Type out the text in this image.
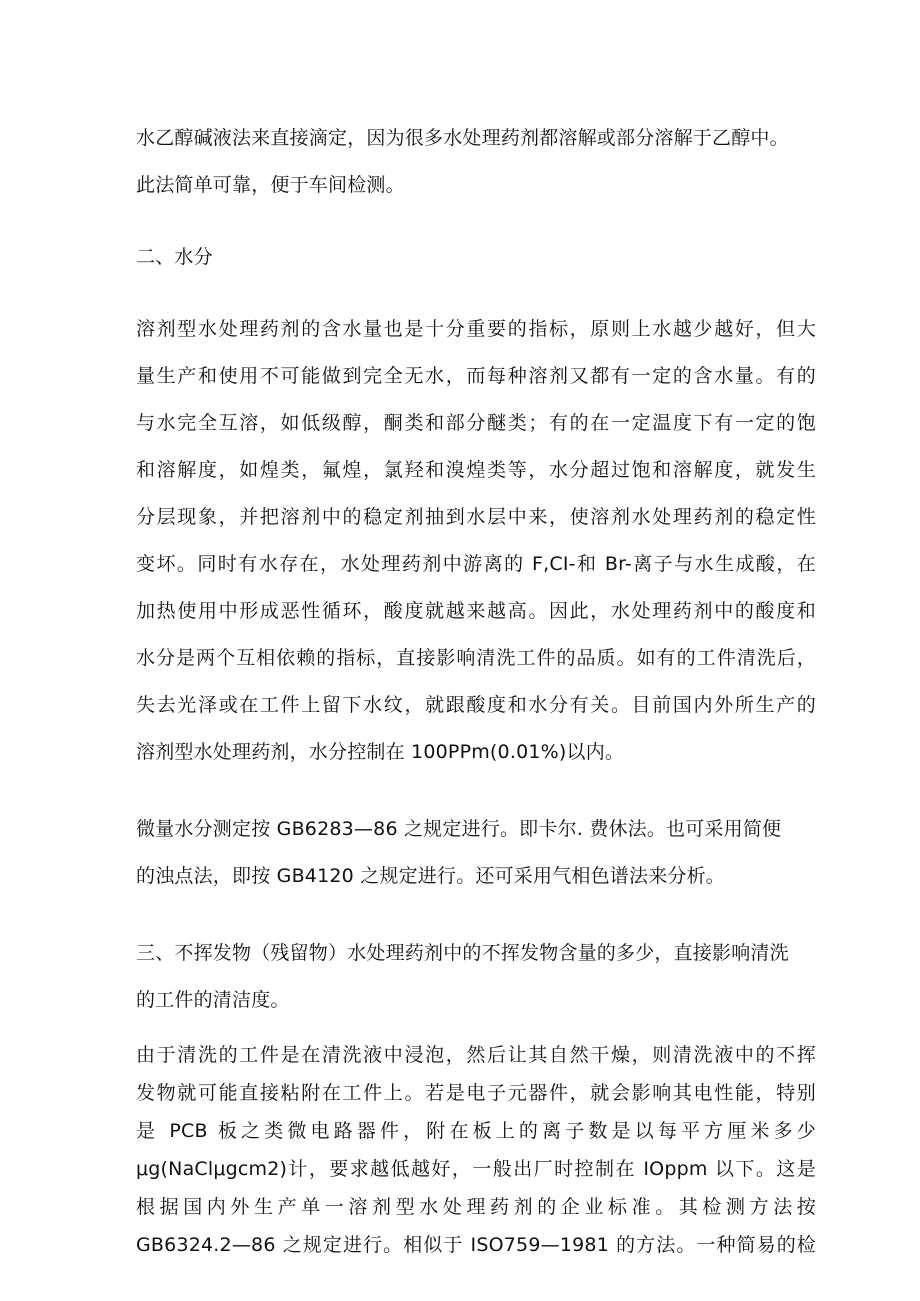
水乙醇碱液法来直接滴定，因为很多水处理药剂都溶解或部分溶解于乙醇中。
此法简单可靠，便于车间检测。
二、水分
溶剂型水处理药剂的含水量也是十分重要的指标，原则上水越少越好，但大
量生产和使用不可能做到完全无水，而每种溶剂又都有一定的含水量。有的
与水完全互溶，如低级醇，酮类和部分醚类；有的在一定温度下有一定的饱
和溶解度，如煌类，氟煌，氯羟和溴煌类等，水分超过饱和溶解度，就发生
分层现象，并把溶剂中的稳定剂抽到水层中来，使溶剂水处理药剂的稳定性
变坏。同时有水存在，水处理药剂中游离的 F,CI-和 Br-离子与水生成酸，在
加热使用中形成恶性循环，酸度就越来越高。因此，水处理药剂中的酸度和
水分是两个互相依赖的指标，直接影响清洗工件的品质。如有的工件清洗后，
失去光泽或在工件上留下水纹，就跟酸度和水分有关。目前国内外所生产的
溶剂型水处理药剂，水分控制在 100PPm(0.01%)以内。
微量水分测定按 GB6283—86 之规定进行。即卡尔. 费休法。也可采用简便
的浊点法，即按 GB4120 之规定进行。还可采用气相色谱法来分析。
三、不挥发物（残留物）水处理药剂中的不挥发物含量的多少，直接影响清洗
的工件的清洁度。
由于清洗的工件是在清洗液中浸泡，然后让其自然干燥，则清洗液中的不挥
发物就可能直接粘附在工件上。若是电子元器件，就会影响其电性能，特别
是 PCB 板之类微电路器件，附在板上的离子数是以每平方厘米多少
μg(NaClμgcm2)计，要求越低越好，一般出厂时控制在 IOppm 以下。这是
根据国内外生产单一溶剂型水处理药剂的企业标准。其检测方法按
GB6324.2—86 之规定进行。相似于 ISO759—1981 的方法。一种简易的检
